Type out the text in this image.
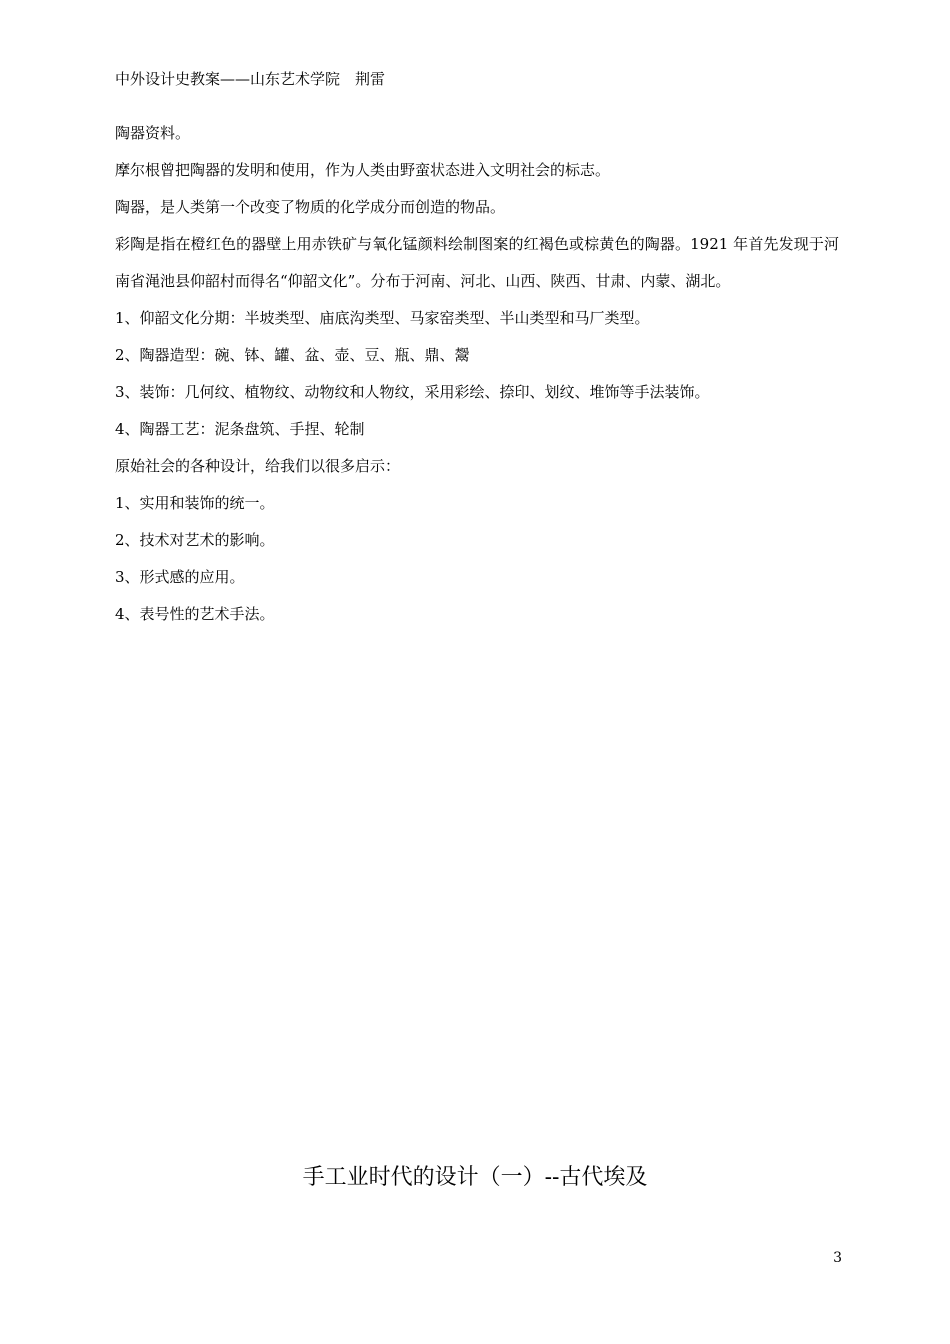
中外设计史教案——山东艺术学院　荆雷

陶器资料。

摩尔根曾把陶器的发明和使用，作为人类由野蛮状态进入文明社会的标志。

陶器，是人类第一个改变了物质的化学成分而创造的物品。

彩陶是指在橙红色的器壁上用赤铁矿与氧化锰颜料绘制图案的红褐色或棕黄色的陶器。1921 年首先发现于河南省渑池县仰韶村而得名“仰韶文化”。分布于河南、河北、山西、陕西、甘肃、内蒙、湖北。

1、仰韶文化分期：半坡类型、庙底沟类型、马家窑类型、半山类型和马厂类型。

2、陶器造型：碗、钵、罐、盆、壶、豆、瓶、鼎、鬶

3、装饰：几何纹、植物纹、动物纹和人物纹，采用彩绘、捺印、划纹、堆饰等手法装饰。

4、陶器工艺：泥条盘筑、手捏、轮制

原始社会的各种设计，给我们以很多启示：

1、实用和装饰的统一。

2、技术对艺术的影响。

3、形式感的应用。

4、表号性的艺术手法。

手工业时代的设计（一）--古代埃及
3
